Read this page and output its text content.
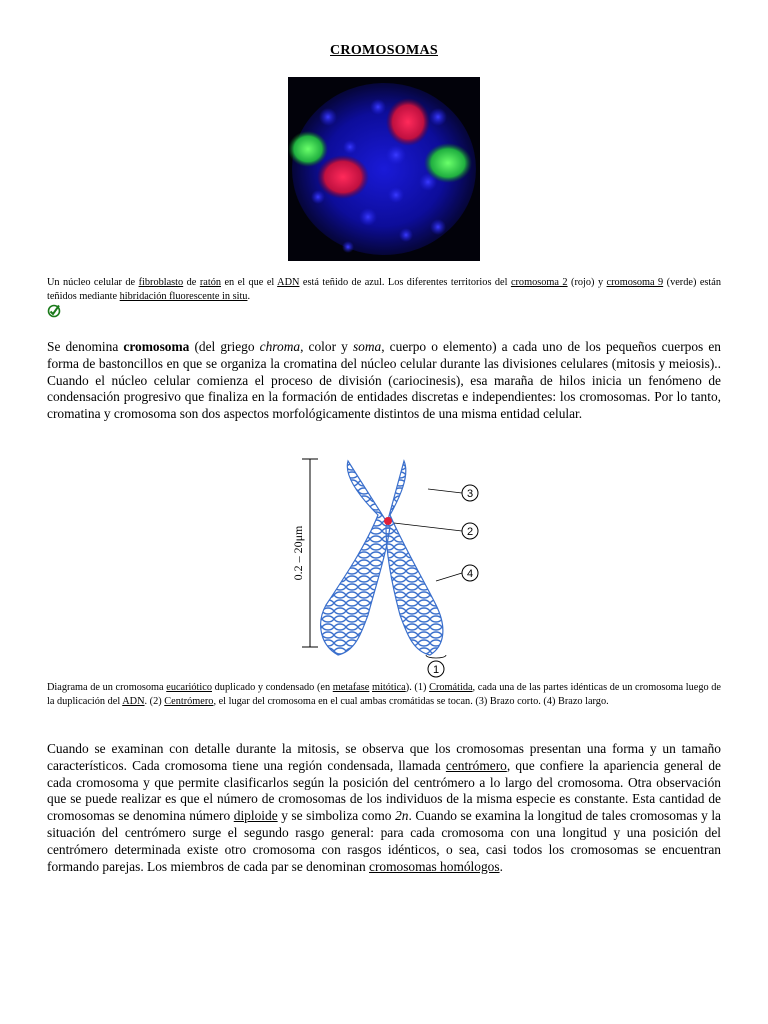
CROMOSOMAS
Un núcleo celular de fibroblasto de ratón en el que el ADN está teñido de azul. Los diferentes territorios del cromosoma 2 (rojo) y cromosoma 9 (verde) están teñidos mediante hibridación fluorescente in situ.
Se denomina cromosoma (del griego chroma, color y soma, cuerpo o elemento) a cada uno de los pequeños cuerpos en forma de bastoncillos en que se organiza la cromatina del núcleo celular durante las divisiones celulares (mitosis y meiosis).. Cuando el núcleo celular comienza el proceso de división (cariocinesis), esa maraña de hilos inicia un fenómeno de condensación progresivo que finaliza en la formación de entidades discretas e independientes: los cromosomas. Por lo tanto, cromatina y cromosoma son dos aspectos morfológicamente distintos de una misma entidad celular.
0.2 – 20μm
3
2
4
1
Diagrama de un cromosoma eucariótico duplicado y condensado (en metafase mitótica). (1) Cromátida, cada una de las partes idénticas de un cromosoma luego de la duplicación del ADN. (2) Centrómero, el lugar del cromosoma en el cual ambas cromátidas se tocan. (3) Brazo corto. (4) Brazo largo.
Cuando se examinan con detalle durante la mitosis, se observa que los cromosomas presentan una forma y un tamaño característicos. Cada cromosoma tiene una región condensada, llamada centrómero, que confiere la apariencia general de cada cromosoma y que permite clasificarlos según la posición del centrómero a lo largo del cromosoma. Otra observación que se puede realizar es que el número de cromosomas de los individuos de la misma especie es constante. Esta cantidad de cromosomas se denomina número diploide y se simboliza como 2n. Cuando se examina la longitud de tales cromosomas y la situación del centrómero surge el segundo rasgo general: para cada cromosoma con una longitud y una posición del centrómero determinada existe otro cromosoma con rasgos idénticos, o sea, casi todos los cromosomas se encuentran formando parejas. Los miembros de cada par se denominan cromosomas homólogos.
